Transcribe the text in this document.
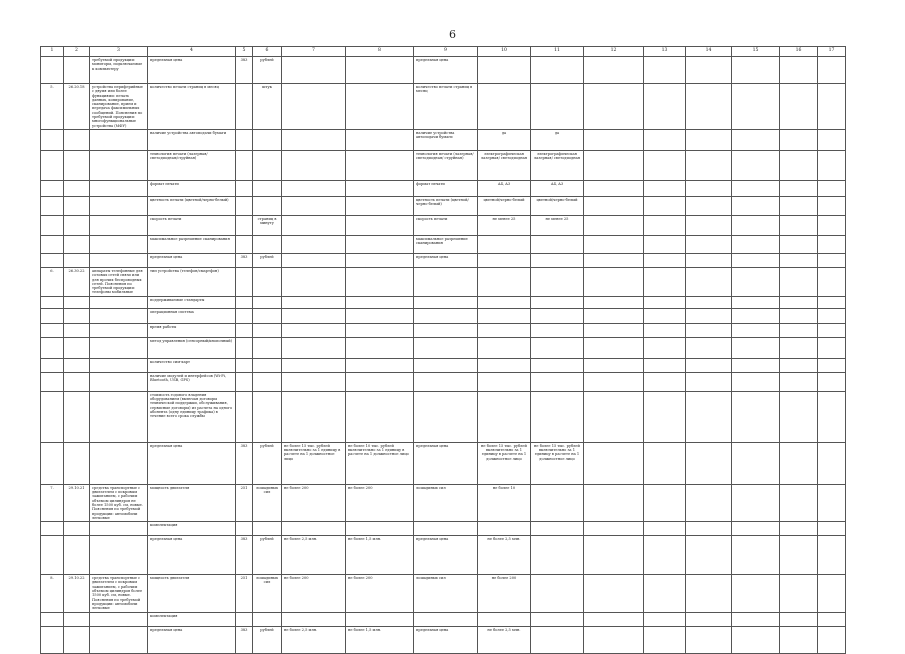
6
1	2	3	4	5	6	7	8	9	10	11	12	13	14	15	16	17
		требуемой продукции: мониторы, подключаемые к компьютеру	предельная цена	383	рублей			предельная цена								
5.	26.20.18	устройства периферийные с двумя или более функциями: печать данных, копирование, сканирование, прием и передача факсимильных сообщений. Пояснения по требуемой продукции: многофункциональные устройства (МФУ)	количество печати страниц в месяц		штук			количество печати страниц в месяц								
			наличие устройства автоподачи бумаги					наличие устройства автоподачи бумаги	да	да						
			технология печати (лазерная/светодиодная/струйная)					технология печати (лазерная/светодиодная/ струйная)	электрографическая лазерная/ светодиодная	электрографическая лазерная/ светодиодная						
			формат печати					формат печати	А4, А3	А4, А3						
			цветность печати (цветной/черно-белый)					цветность печати (цветной/черно-белый)	цветной/черно-белый	цветной/черно-белый						
			скорость печати		страниц в минуту			скорость печати	не менее 25	не менее 25						
			максимальное разрешение сканирования					максимальное разрешение сканирования								
			предельная цена	383	рублей			предельная цена								
6.	26.30.22	аппараты телефонные для сотовых сетей связи или для прочих беспроводных сетей. Пояснения по требуемой продукции: телефоны мобильные	тип устройства (телефон/смартфон)													
			поддерживаемые стандарты													
			операционная система													
			время работы													
			метод управления (сенсорный/кнопочный)													
			количество сим-карт													
			наличие модулей и интерфейсов (Wi-Fi, Bluetooth, USB, GPS)													
			стоимость годового владения оборудованием (включая договоры технической поддержки, обслуживания, сервисные договоры) из расчета на одного абонента (одну единицу трафика) в течение всего срока службы													
			предельная цена	383	рублей	не более 15 тыс. рублей включительно за 1 единицу в расчете на 1 должностное лицо	не более 10 тыс. рублей включительно за 1 единицу в расчете на 1 должностное лицо	предельная цена	не более 15 тыс. рублей включительно за 1 единицу в расчете на 1 должностное лицо	не более 15 тыс. рублей включительно за 1 единицу в расчете на 1 должностное лицо						
7.	29.10.21	средства транспортные с двигателем с искровым зажиганием, с рабочим объемом цилиндров не более 1500 куб. см, новые. Пояснения по требуемой продукции: автомобили легковые	мощность двигателя	251	лошадиных сил	не более 200	не более 200	лошадиных сил	не более 10							
			комплектация													
			предельная цена	383	рублей	не более 2,5 млн.	не более 1,5 млн.	предельная цена	не более 2,5 млн.							
8.	29.10.22	средства транспортные с двигателем с искровым зажиганием, с рабочим объемом цилиндров более 1500 куб. см, новые. Пояснения по требуемой продукции: автомобили легковые	мощность двигателя	251	лошадиных сил	не более 200	не более 200	лошадиных сил	не более 200							
			комплектация													
			предельная цена	383	рублей	не более 2,5 млн.	не более 1,5 млн.	предельная цена	не более 2,5 млн.							
